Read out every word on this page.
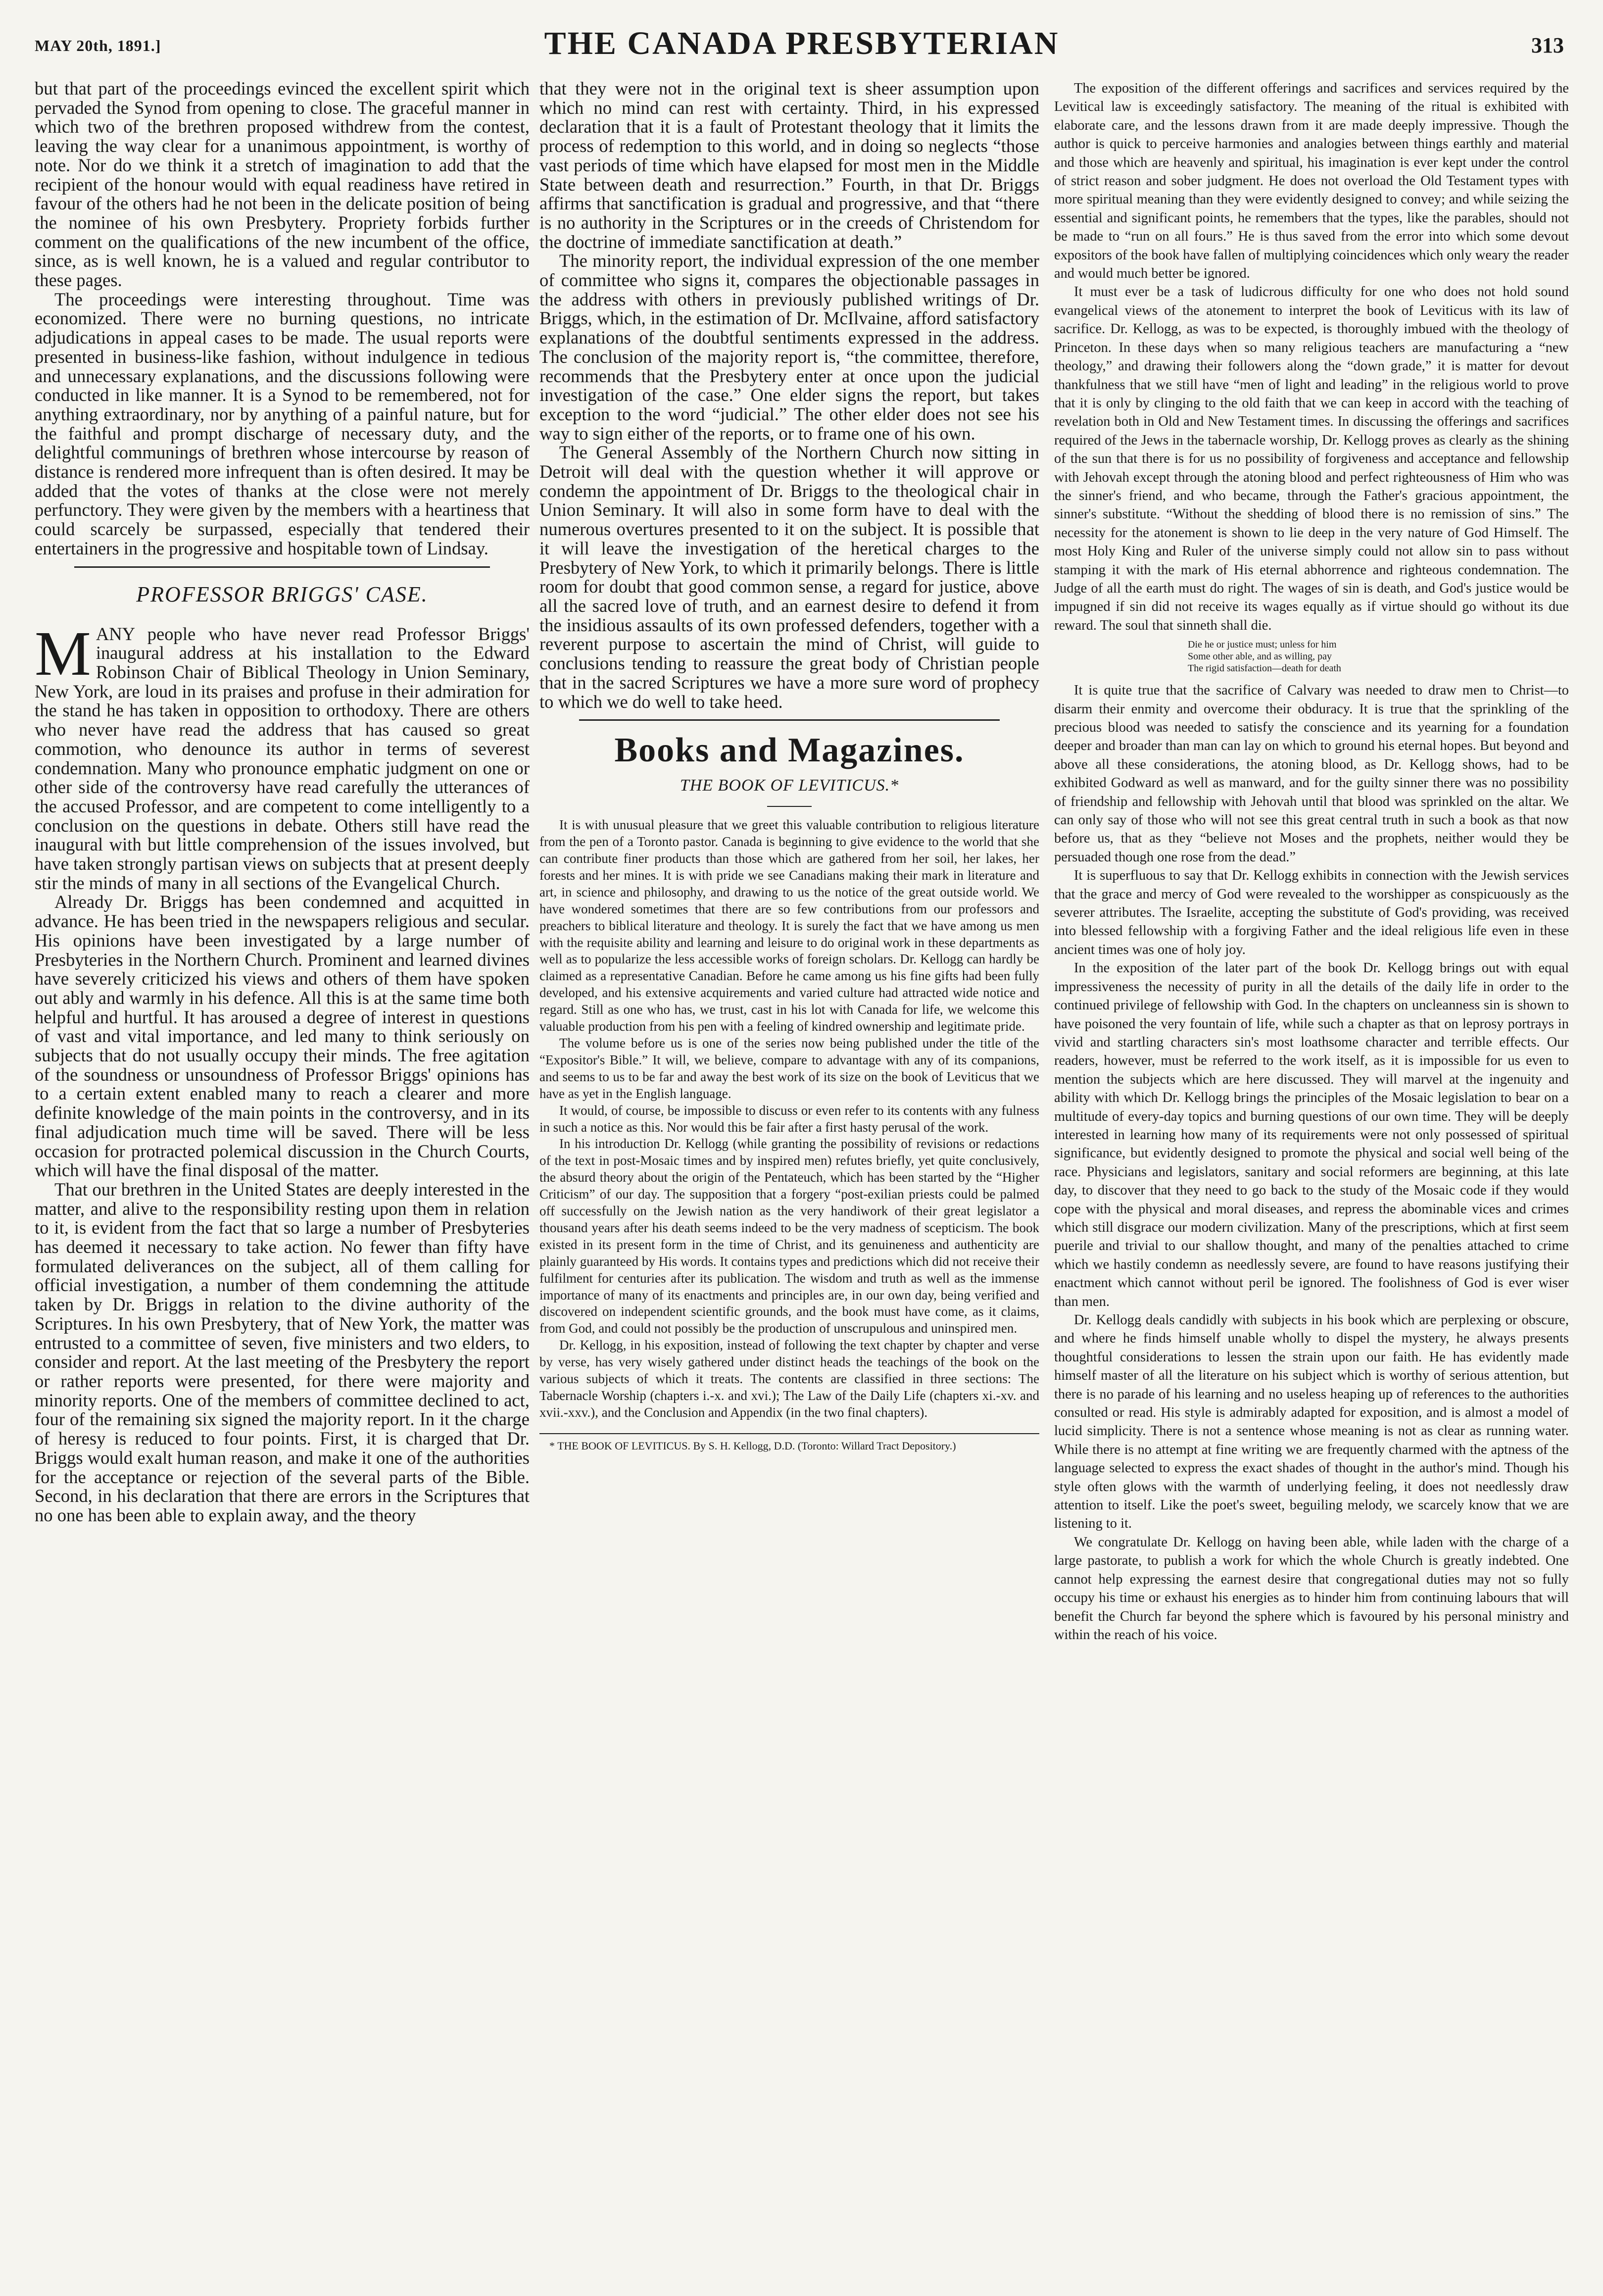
MAY 20th, 1891.]	THE CANADA PRESBYTERIAN	313

but that part of the proceedings evinced the excellent spirit which pervaded the Synod from opening to close. The graceful manner in which two of the brethren proposed withdrew from the contest, leaving the way clear for a unanimous appointment, is worthy of note. Nor do we think it a stretch of imagination to add that the recipient of the honour would with equal readiness have retired in favour of the others had he not been in the delicate position of being the nominee of his own Presbytery. Propriety forbids further comment on the qualifications of the new incumbent of the office, since, as is well known, he is a valued and regular contributor to these pages.

The proceedings were interesting throughout. Time was economized. There were no burning questions, no intricate adjudications in appeal cases to be made. The usual reports were presented in business-like fashion, without indulgence in tedious and unnecessary explanations, and the discussions following were conducted in like manner. It is a Synod to be remembered, not for anything extraordinary, nor by anything of a painful nature, but for the faithful and prompt discharge of necessary duty, and the delightful communings of brethren whose intercourse by reason of distance is rendered more infrequent than is often desired. It may be added that the votes of thanks at the close were not merely perfunctory. They were given by the members with a heartiness that could scarcely be surpassed, especially that tendered their entertainers in the progressive and hospitable town of Lindsay.

PROFESSOR BRIGGS' CASE.

MANY people who have never read Professor Briggs' inaugural address at his installation to the Edward Robinson Chair of Biblical Theology in Union Seminary, New York, are loud in its praises and profuse in their admiration for the stand he has taken in opposition to orthodoxy. There are others who never have read the address that has caused so great commotion, who denounce its author in terms of severest condemnation. Many who pronounce emphatic judgment on one or other side of the controversy have read carefully the utterances of the accused Professor, and are competent to come intelligently to a conclusion on the questions in debate. Others still have read the inaugural with but little comprehension of the issues involved, but have taken strongly partisan views on subjects that at present deeply stir the minds of many in all sections of the Evangelical Church.

Already Dr. Briggs has been condemned and acquitted in advance. He has been tried in the newspapers religious and secular. His opinions have been investigated by a large number of Presbyteries in the Northern Church. Prominent and learned divines have severely criticized his views and others of them have spoken out ably and warmly in his defence. All this is at the same time both helpful and hurtful. It has aroused a degree of interest in questions of vast and vital importance, and led many to think seriously on subjects that do not usually occupy their minds. The free agitation of the soundness or unsoundness of Professor Briggs' opinions has to a certain extent enabled many to reach a clearer and more definite knowledge of the main points in the controversy, and in its final adjudication much time will be saved. There will be less occasion for protracted polemical discussion in the Church Courts, which will have the final disposal of the matter.

That our brethren in the United States are deeply interested in the matter, and alive to the responsibility resting upon them in relation to it, is evident from the fact that so large a number of Presbyteries has deemed it necessary to take action. No fewer than fifty have formulated deliverances on the subject, all of them calling for official investigation, a number of them condemning the attitude taken by Dr. Briggs in relation to the divine authority of the Scriptures. In his own Presbytery, that of New York, the matter was entrusted to a committee of seven, five ministers and two elders, to consider and report. At the last meeting of the Presbytery the report or rather reports were presented, for there were majority and minority reports. One of the members of committee declined to act, four of the remaining six signed the majority report. In it the charge of heresy is reduced to four points. First, it is charged that Dr. Briggs would exalt human reason, and make it one of the authorities for the acceptance or rejection of the several parts of the Bible. Second, in his declaration that there are errors in the Scriptures that no one has been able to explain away, and the theory

that they were not in the original text is sheer assumption upon which no mind can rest with certainty. Third, in his expressed declaration that it is a fault of Protestant theology that it limits the process of redemption to this world, and in doing so neglects “those vast periods of time which have elapsed for most men in the Middle State between death and resurrection.” Fourth, in that Dr. Briggs affirms that sanctification is gradual and progressive, and that “there is no authority in the Scriptures or in the creeds of Christendom for the doctrine of immediate sanctification at death.”

The minority report, the individual expression of the one member of committee who signs it, compares the objectionable passages in the address with others in previously published writings of Dr. Briggs, which, in the estimation of Dr. McIlvaine, afford satisfactory explanations of the doubtful sentiments expressed in the address. The conclusion of the majority report is, “the committee, therefore, recommends that the Presbytery enter at once upon the judicial investigation of the case.” One elder signs the report, but takes exception to the word “judicial.” The other elder does not see his way to sign either of the reports, or to frame one of his own.

The General Assembly of the Northern Church now sitting in Detroit will deal with the question whether it will approve or condemn the appointment of Dr. Briggs to the theological chair in Union Seminary. It will also in some form have to deal with the numerous overtures presented to it on the subject. It is possible that it will leave the investigation of the heretical charges to the Presbytery of New York, to which it primarily belongs. There is little room for doubt that good common sense, a regard for justice, above all the sacred love of truth, and an earnest desire to defend it from the insidious assaults of its own professed defenders, together with a reverent purpose to ascertain the mind of Christ, will guide to conclusions tending to reassure the great body of Christian people that in the sacred Scriptures we have a more sure word of prophecy to which we do well to take heed.

Books and Magazines.
THE BOOK OF LEVITICUS.*

It is with unusual pleasure that we greet this valuable contribution to religious literature from the pen of a Toronto pastor. Canada is beginning to give evidence to the world that she can contribute finer products than those which are gathered from her soil, her lakes, her forests and her mines. It is with pride we see Canadians making their mark in literature and art, in science and philosophy, and drawing to us the notice of the great outside world. We have wondered sometimes that there are so few contributions from our professors and preachers to biblical literature and theology. It is surely the fact that we have among us men with the requisite ability and learning and leisure to do original work in these departments as well as to popularize the less accessible works of foreign scholars. Dr. Kellogg can hardly be claimed as a representative Canadian. Before he came among us his fine gifts had been fully developed, and his extensive acquirements and varied culture had attracted wide notice and regard. Still as one who has, we trust, cast in his lot with Canada for life, we welcome this valuable production from his pen with a feeling of kindred ownership and legitimate pride.

The volume before us is one of the series now being published under the title of the “Expositor's Bible.” It will, we believe, compare to advantage with any of its companions, and seems to us to be far and away the best work of its size on the book of Leviticus that we have as yet in the English language.

It would, of course, be impossible to discuss or even refer to its contents with any fulness in such a notice as this. Nor would this be fair after a first hasty perusal of the work.

In his introduction Dr. Kellogg (while granting the possibility of revisions or redactions of the text in post-Mosaic times and by inspired men) refutes briefly, yet quite conclusively, the absurd theory about the origin of the Pentateuch, which has been started by the “Higher Criticism” of our day. The supposition that a forgery “post-exilian priests could be palmed off successfully on the Jewish nation as the very handiwork of their great legislator a thousand years after his death seems indeed to be the very madness of scepticism. The book existed in its present form in the time of Christ, and its genuineness and authenticity are plainly guaranteed by His words. It contains types and predictions which did not receive their fulfilment for centuries after its publication. The wisdom and truth as well as the immense importance of many of its enactments and principles are, in our own day, being verified and discovered on independent scientific grounds, and the book must have come, as it claims, from God, and could not possibly be the production of unscrupulous and uninspired men.

Dr. Kellogg, in his exposition, instead of following the text chapter by chapter and verse by verse, has very wisely gathered under distinct heads the teachings of the book on the various subjects of which it treats. The contents are classified in three sections: The Tabernacle Worship (chapters i.-x. and xvi.); The Law of the Daily Life (chapters xi.-xv. and xvii.-xxv.), and the Conclusion and Appendix (in the two final chapters).

* THE BOOK OF LEVITICUS. By S. H. Kellogg, D.D. (Toronto: Willard Tract Depository.)

The exposition of the different offerings and sacrifices and services required by the Levitical law is exceedingly satisfactory. The meaning of the ritual is exhibited with elaborate care, and the lessons drawn from it are made deeply impressive. Though the author is quick to perceive harmonies and analogies between things earthly and material and those which are heavenly and spiritual, his imagination is ever kept under the control of strict reason and sober judgment. He does not overload the Old Testament types with more spiritual meaning than they were evidently designed to convey; and while seizing the essential and significant points, he remembers that the types, like the parables, should not be made to “run on all fours.” He is thus saved from the error into which some devout expositors of the book have fallen of multiplying coincidences which only weary the reader and would much better be ignored.

It must ever be a task of ludicrous difficulty for one who does not hold sound evangelical views of the atonement to interpret the book of Leviticus with its law of sacrifice. Dr. Kellogg, as was to be expected, is thoroughly imbued with the theology of Princeton. In these days when so many religious teachers are manufacturing a “new theology,” and drawing their followers along the “down grade,” it is matter for devout thankfulness that we still have “men of light and leading” in the religious world to prove that it is only by clinging to the old faith that we can keep in accord with the teaching of revelation both in Old and New Testament times. In discussing the offerings and sacrifices required of the Jews in the tabernacle worship, Dr. Kellogg proves as clearly as the shining of the sun that there is for us no possibility of forgiveness and acceptance and fellowship with Jehovah except through the atoning blood and perfect righteousness of Him who was the sinner's friend, and who became, through the Father's gracious appointment, the sinner's substitute. “Without the shedding of blood there is no remission of sins.” The necessity for the atonement is shown to lie deep in the very nature of God Himself. The most Holy King and Ruler of the universe simply could not allow sin to pass without stamping it with the mark of His eternal abhorrence and righteous condemnation. The Judge of all the earth must do right. The wages of sin is death, and God's justice would be impugned if sin did not receive its wages equally as if virtue should go without its due reward. The soul that sinneth shall die.

Die he or justice must; unless for him
Some other able, and as willing, pay
The rigid satisfaction—death for death

It is quite true that the sacrifice of Calvary was needed to draw men to Christ—to disarm their enmity and overcome their obduracy. It is true that the sprinkling of the precious blood was needed to satisfy the conscience and its yearning for a foundation deeper and broader than man can lay on which to ground his eternal hopes. But beyond and above all these considerations, the atoning blood, as Dr. Kellogg shows, had to be exhibited Godward as well as manward, and for the guilty sinner there was no possibility of friendship and fellowship with Jehovah until that blood was sprinkled on the altar. We can only say of those who will not see this great central truth in such a book as that now before us, that as they “believe not Moses and the prophets, neither would they be persuaded though one rose from the dead.”

It is superfluous to say that Dr. Kellogg exhibits in connection with the Jewish services that the grace and mercy of God were revealed to the worshipper as conspicuously as the severer attributes. The Israelite, accepting the substitute of God's providing, was received into blessed fellowship with a forgiving Father and the ideal religious life even in these ancient times was one of holy joy.

In the exposition of the later part of the book Dr. Kellogg brings out with equal impressiveness the necessity of purity in all the details of the daily life in order to the continued privilege of fellowship with God. In the chapters on uncleanness sin is shown to have poisoned the very fountain of life, while such a chapter as that on leprosy portrays in vivid and startling characters sin's most loathsome character and terrible effects. Our readers, however, must be referred to the work itself, as it is impossible for us even to mention the subjects which are here discussed. They will marvel at the ingenuity and ability with which Dr. Kellogg brings the principles of the Mosaic legislation to bear on a multitude of every-day topics and burning questions of our own time. They will be deeply interested in learning how many of its requirements were not only possessed of spiritual significance, but evidently designed to promote the physical and social well being of the race. Physicians and legislators, sanitary and social reformers are beginning, at this late day, to discover that they need to go back to the study of the Mosaic code if they would cope with the physical and moral diseases, and repress the abominable vices and crimes which still disgrace our modern civilization. Many of the prescriptions, which at first seem puerile and trivial to our shallow thought, and many of the penalties attached to crime which we hastily condemn as needlessly severe, are found to have reasons justifying their enactment which cannot without peril be ignored. The foolishness of God is ever wiser than men.

Dr. Kellogg deals candidly with subjects in his book which are perplexing or obscure, and where he finds himself unable wholly to dispel the mystery, he always presents thoughtful considerations to lessen the strain upon our faith. He has evidently made himself master of all the literature on his subject which is worthy of serious attention, but there is no parade of his learning and no useless heaping up of references to the authorities consulted or read. His style is admirably adapted for exposition, and is almost a model of lucid simplicity. There is not a sentence whose meaning is not as clear as running water. While there is no attempt at fine writing we are frequently charmed with the aptness of the language selected to express the exact shades of thought in the author's mind. Though his style often glows with the warmth of underlying feeling, it does not needlessly draw attention to itself. Like the poet's sweet, beguiling melody, we scarcely know that we are listening to it.

We congratulate Dr. Kellogg on having been able, while laden with the charge of a large pastorate, to publish a work for which the whole Church is greatly indebted. One cannot help expressing the earnest desire that congregational duties may not so fully occupy his time or exhaust his energies as to hinder him from continuing labours that will benefit the Church far beyond the sphere which is favoured by his personal ministry and within the reach of his voice.
